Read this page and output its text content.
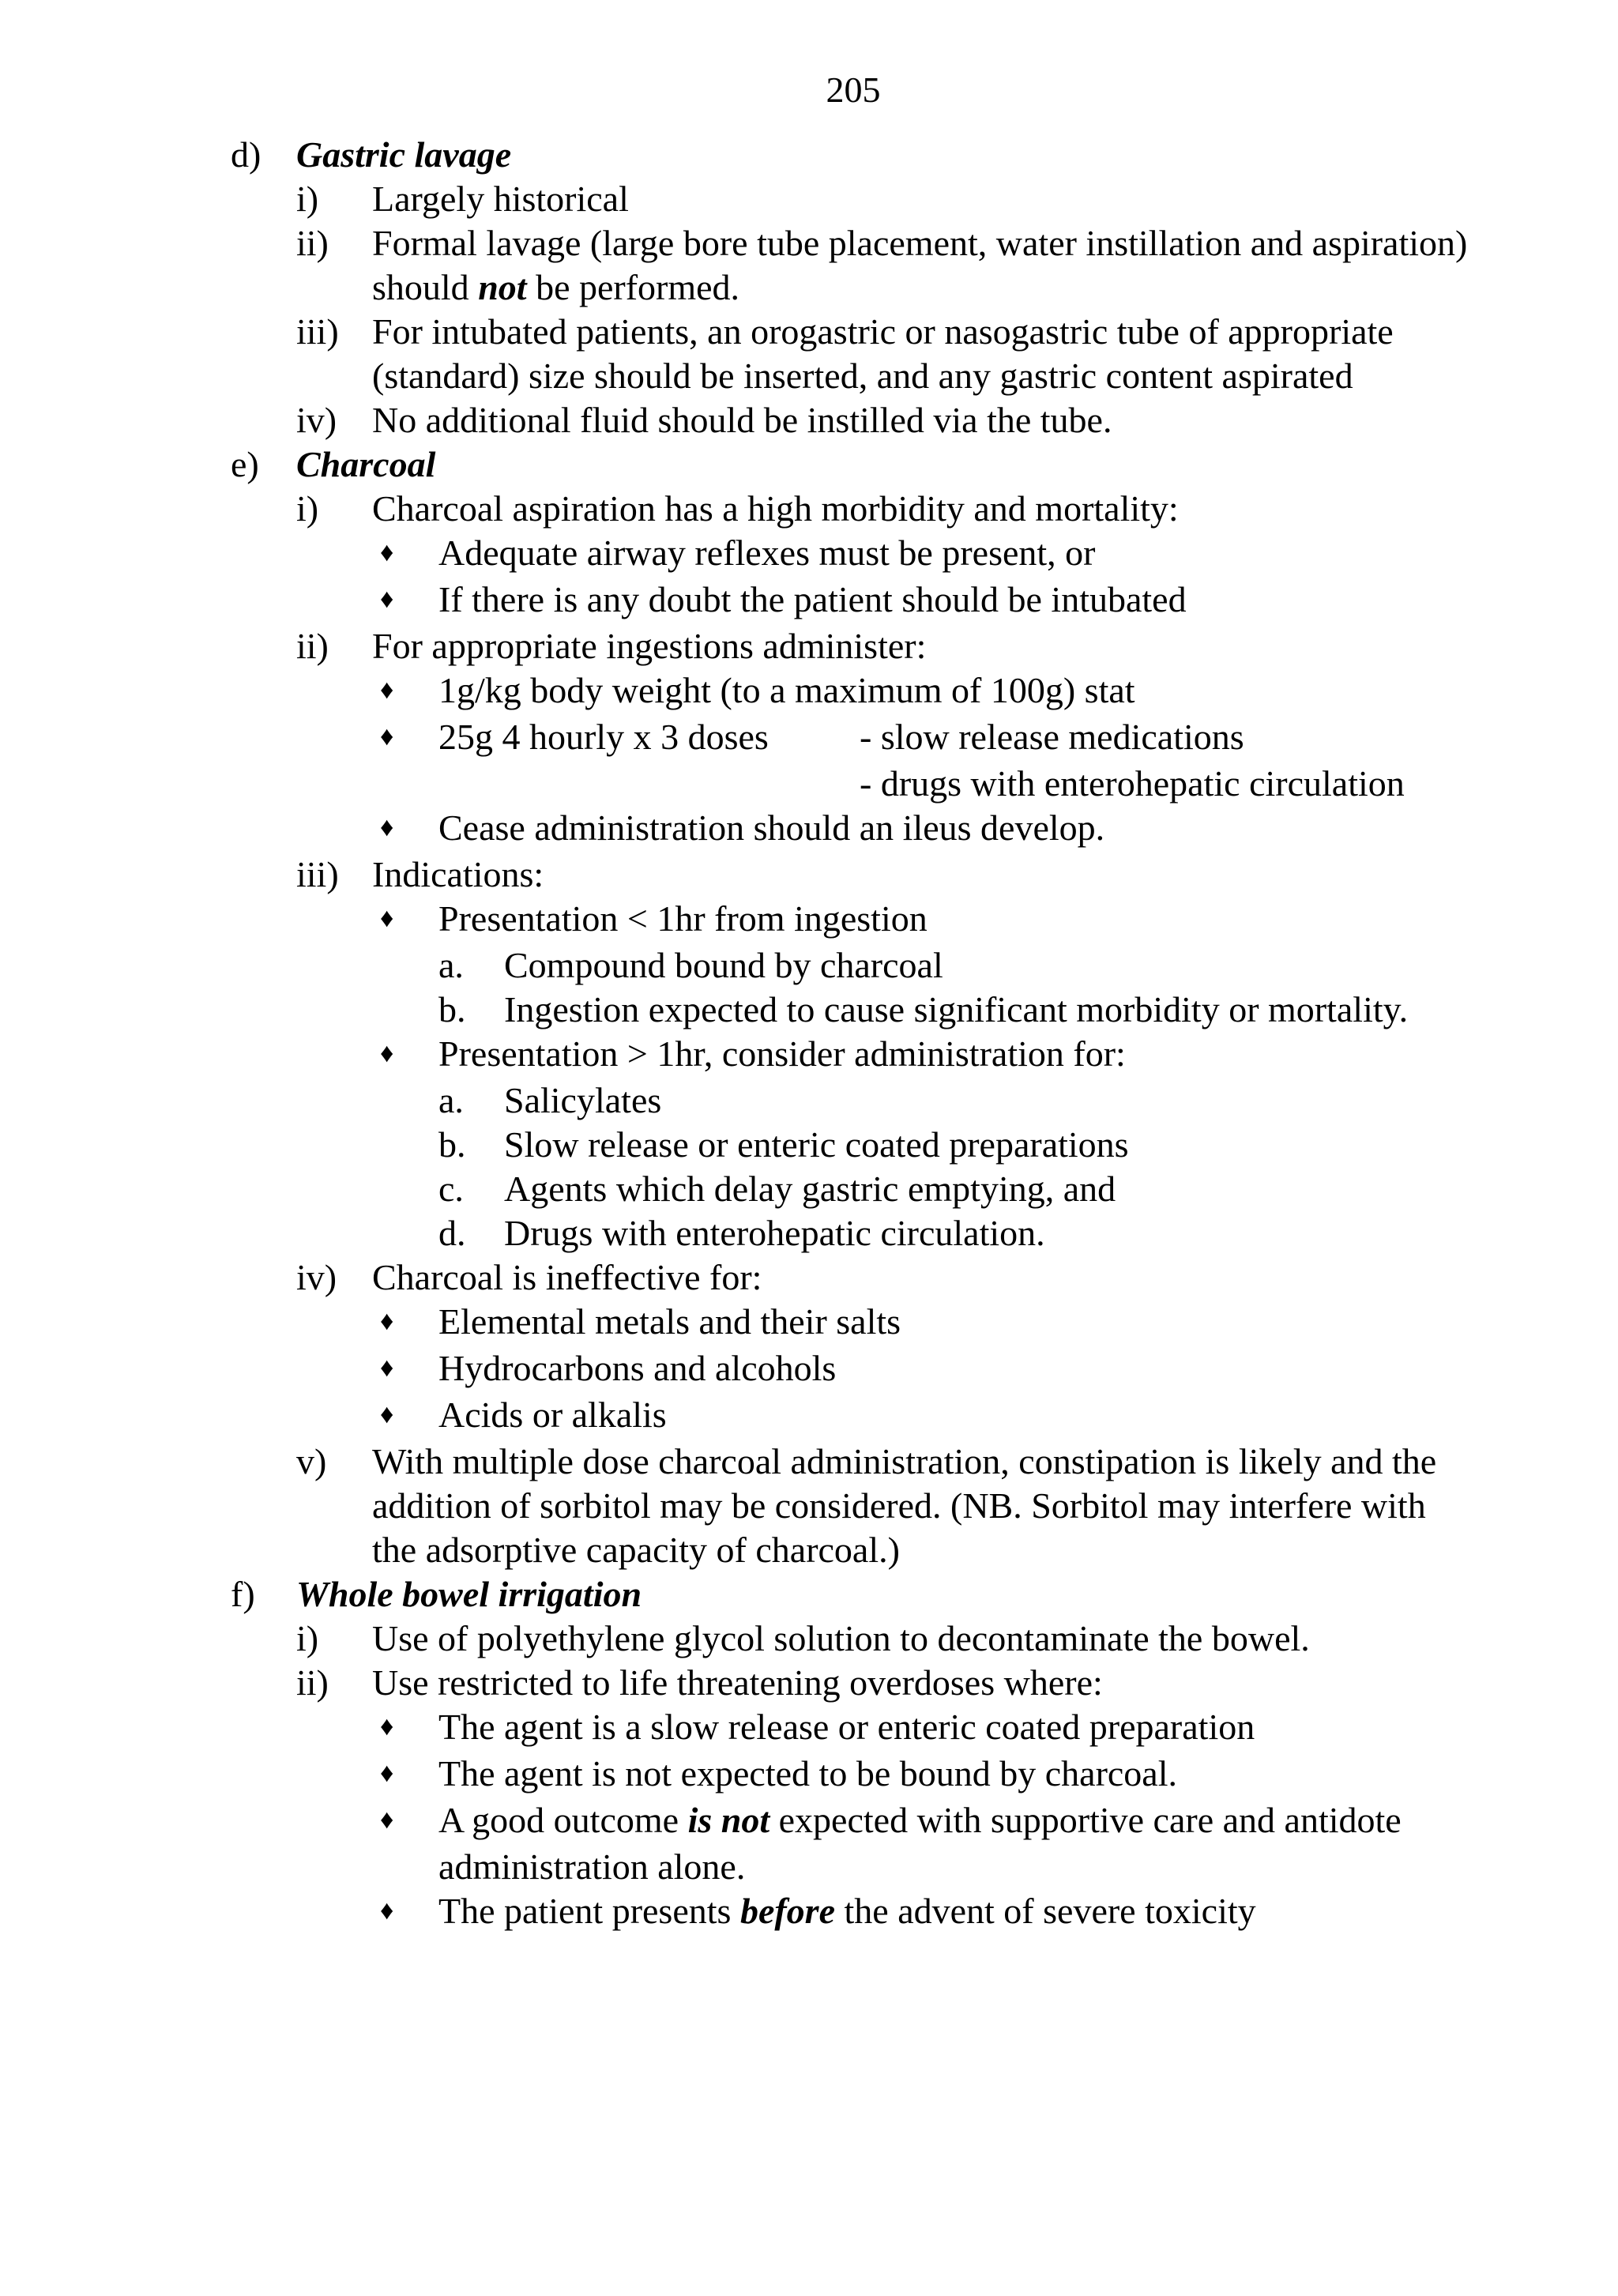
205
d) Gastric lavage
i) Largely historical
ii) Formal lavage (large bore tube placement, water instillation and aspiration)
should not be performed.
iii) For intubated patients, an orogastric or nasogastric tube of appropriate
(standard) size should be inserted, and any gastric content aspirated
iv) No additional fluid should be instilled via the tube.
e) Charcoal
i) Charcoal aspiration has a high morbidity and mortality:
♦ Adequate airway reflexes must be present, or
♦ If there is any doubt the patient should be intubated
ii) For appropriate ingestions administer:
♦ 1g/kg body weight (to a maximum of 100g) stat
♦ 25g 4 hourly x 3 doses	- slow release medications
- drugs with enterohepatic circulation
♦ Cease administration should an ileus develop.
iii) Indications:
♦ Presentation < 1hr from ingestion
a. Compound bound by charcoal
b. Ingestion expected to cause significant morbidity or mortality.
♦ Presentation > 1hr, consider administration for:
a. Salicylates
b. Slow release or enteric coated preparations
c. Agents which delay gastric emptying, and
d. Drugs with enterohepatic circulation.
iv) Charcoal is ineffective for:
♦ Elemental metals and their salts
♦ Hydrocarbons and alcohols
♦ Acids or alkalis
v) With multiple dose charcoal administration, constipation is likely and the
addition of sorbitol may be considered. (NB. Sorbitol may interfere with
the adsorptive capacity of charcoal.)
f) Whole bowel irrigation
i) Use of polyethylene glycol solution to decontaminate the bowel.
ii) Use restricted to life threatening overdoses where:
♦ The agent is a slow release or enteric coated preparation
♦ The agent is not expected to be bound by charcoal.
♦ A good outcome is not expected with supportive care and antidote
administration alone.
♦ The patient presents before the advent of severe toxicity
